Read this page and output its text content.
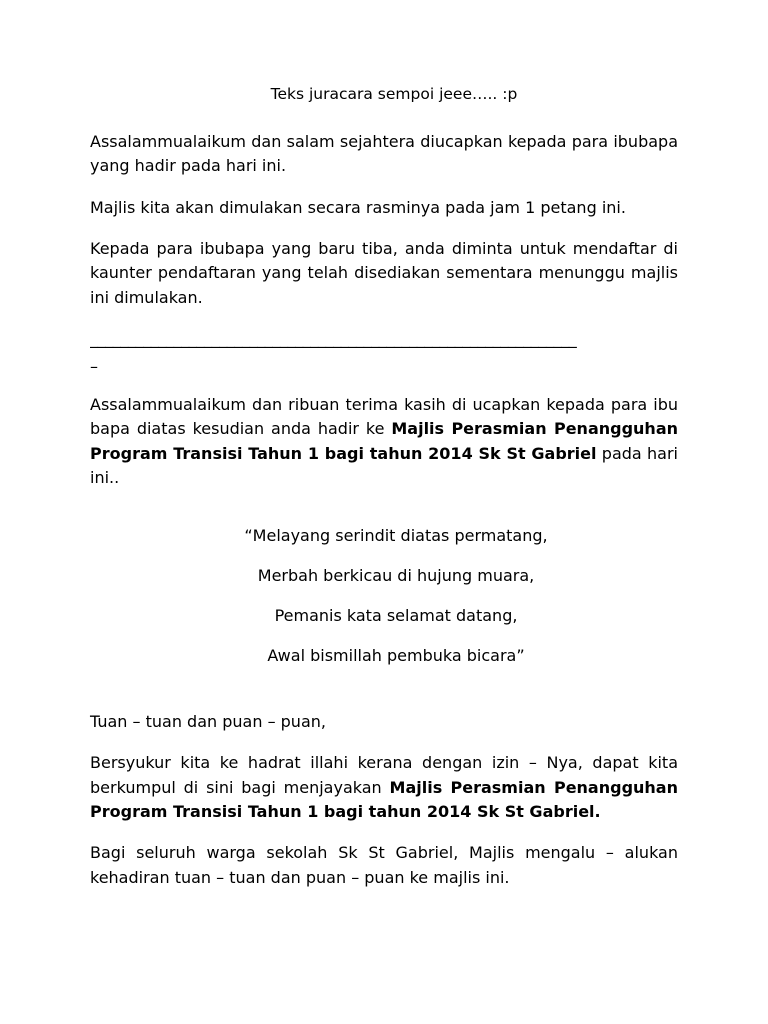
Teks juracara sempoi jeee….. :p

Assalammualaikum dan salam sejahtera diucapkan kepada para ibubapa yang hadir pada hari ini.

Majlis kita akan dimulakan secara rasminya pada jam 1 petang ini.

Kepada para ibubapa yang baru tiba, anda diminta untuk mendaftar di kaunter pendaftaran yang telah disediakan sementara menunggu majlis ini dimulakan.

________________________________________________________________
–

Assalammualaikum dan ribuan terima kasih di ucapkan kepada para ibu bapa diatas kesudian anda hadir ke Majlis Perasmian Penangguhan Program Transisi Tahun 1 bagi tahun 2014 Sk St Gabriel pada hari ini..

“Melayang serindit diatas permatang,
Merbah berkicau di hujung muara,
Pemanis kata selamat datang,
Awal bismillah pembuka bicara”
Tuan – tuan dan puan – puan,

Bersyukur kita ke hadrat illahi kerana dengan izin – Nya, dapat kita berkumpul di sini bagi menjayakan Majlis Perasmian Penangguhan Program Transisi Tahun 1 bagi tahun 2014 Sk St Gabriel.

Bagi seluruh warga sekolah Sk St Gabriel, Majlis mengalu – alukan kehadiran tuan – tuan dan puan – puan ke majlis ini.
